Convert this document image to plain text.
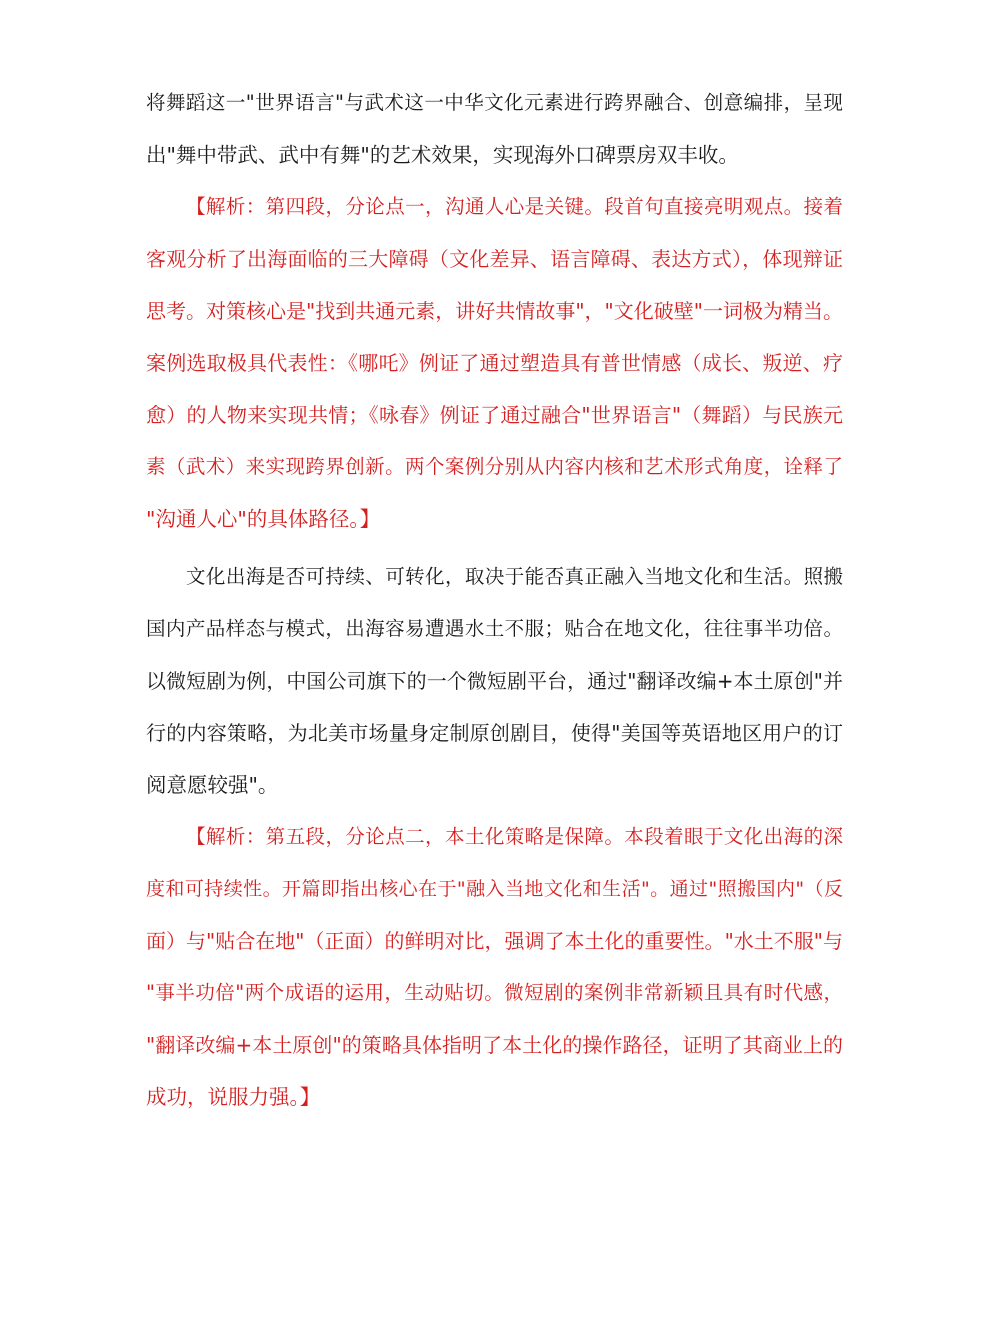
将舞蹈这一"世界语言"与武术这一中华文化元素进行跨界融合、创意编排，呈现
出"舞中带武、武中有舞"的艺术效果，实现海外口碑票房双丰收。
【解析：第四段，分论点一，沟通人心是关键。段首句直接亮明观点。接着
客观分析了出海面临的三大障碍（文化差异、语言障碍、表达方式），体现辩证
思考。对策核心是"找到共通元素，讲好共情故事"，"文化破壁"一词极为精当。
案例选取极具代表性：《哪吒》例证了通过塑造具有普世情感（成长、叛逆、疗
愈）的人物来实现共情；《咏春》例证了通过融合"世界语言"（舞蹈）与民族元
素（武术）来实现跨界创新。两个案例分别从内容内核和艺术形式角度，诠释了
"沟通人心"的具体路径。】
文化出海是否可持续、可转化，取决于能否真正融入当地文化和生活。照搬
国内产品样态与模式，出海容易遭遇水土不服；贴合在地文化，往往事半功倍。
以微短剧为例，中国公司旗下的一个微短剧平台，通过"翻译改编+本土原创"并
行的内容策略，为北美市场量身定制原创剧目，使得"美国等英语地区用户的订
阅意愿较强"。
【解析：第五段，分论点二，本土化策略是保障。本段着眼于文化出海的深
度和可持续性。开篇即指出核心在于"融入当地文化和生活"。通过"照搬国内"（反
面）与"贴合在地"（正面）的鲜明对比，强调了本土化的重要性。"水土不服"与
"事半功倍"两个成语的运用，生动贴切。微短剧的案例非常新颖且具有时代感，
"翻译改编+本土原创"的策略具体指明了本土化的操作路径，证明了其商业上的
成功，说服力强。】
